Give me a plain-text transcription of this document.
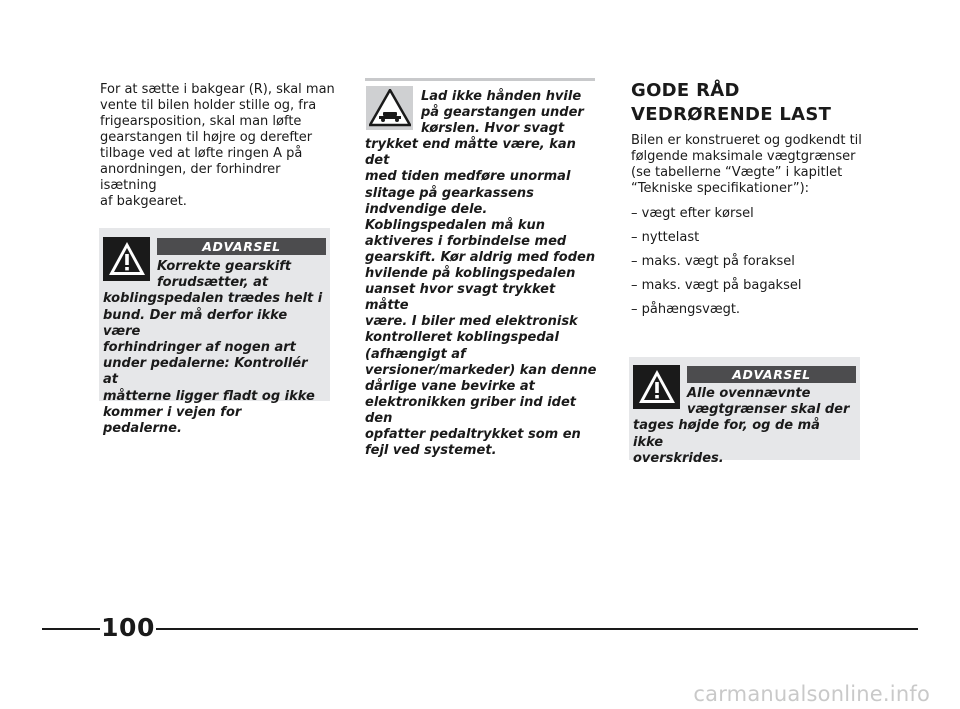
For at sætte i bakgear (R), skal man
vente til bilen holder stille og, fra
frigearsposition, skal man løfte
gearstangen til højre og derefter
tilbage ved at løfte ringen A på
anordningen, der forhindrer isætning
af bakgearet.
ADVARSEL
Korrekte gearskift
forudsætter, at
koblingspedalen trædes helt i
bund. Der må derfor ikke være
forhindringer af nogen art
under pedalerne: Kontrollér at
måtterne ligger fladt og ikke
kommer i vejen for pedalerne.
Lad ikke hånden hvile
på gearstangen under
kørslen. Hvor svagt
trykket end måtte være, kan det
med tiden medføre unormal
slitage på gearkassens
indvendige dele.
Koblingspedalen må kun
aktiveres i forbindelse med
gearskift. Kør aldrig med foden
hvilende på koblingspedalen
uanset hvor svagt trykket måtte
være. I biler med elektronisk
kontrolleret koblingspedal
(afhængigt af
versioner/markeder) kan denne
dårlige vane bevirke at
elektronikken griber ind idet den
opfatter pedaltrykket som en
fejl ved systemet.
GODE RÅD
VEDRØRENDE LAST
Bilen er konstrueret og godkendt til
følgende maksimale vægtgrænser
(se tabellerne “Vægte” i kapitlet
“Tekniske specifikationer”):
– vægt efter kørsel
– nyttelast
– maks. vægt på foraksel
– maks. vægt på bagaksel
– påhængsvægt.
ADVARSEL
Alle ovennævnte
vægtgrænser skal der
tages højde for, og de må ikke
overskrides.
100
carmanualsonline.info
